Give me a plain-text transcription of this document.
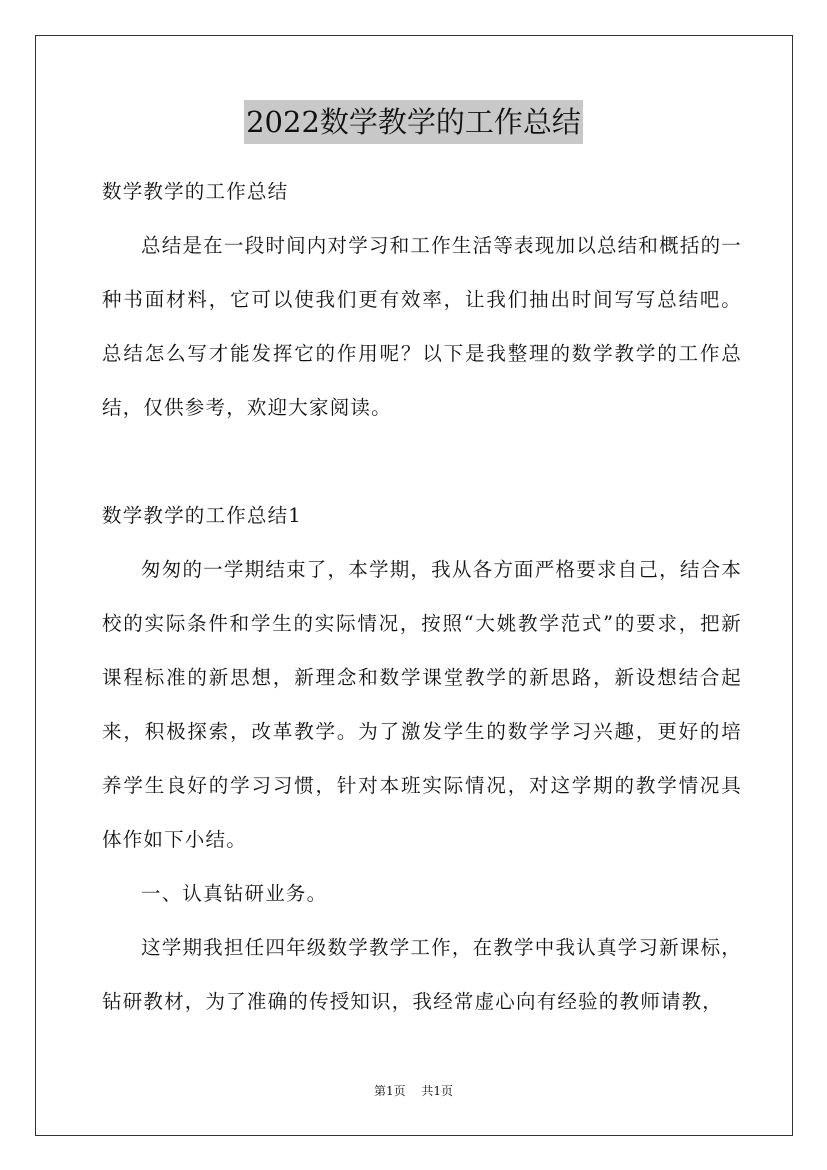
2022数学教学的工作总结

数学教学的工作总结

总结是在一段时间内对学习和工作生活等表现加以总结和概括的一种书面材料，它可以使我们更有效率，让我们抽出时间写写总结吧。总结怎么写才能发挥它的作用呢？以下是我整理的数学教学的工作总结，仅供参考，欢迎大家阅读。

数学教学的工作总结1

匆匆的一学期结束了，本学期，我从各方面严格要求自己，结合本校的实际条件和学生的实际情况，按照“大姚教学范式”的要求，把新课程标准的新思想，新理念和数学课堂教学的新思路，新设想结合起来，积极探索，改革教学。为了激发学生的数学学习兴趣，更好的培养学生良好的学习习惯，针对本班实际情况，对这学期的教学情况具体作如下小结。

一、认真钻研业务。

这学期我担任四年级数学教学工作，在教学中我认真学习新课标，钻研教材，为了准确的传授知识，我经常虚心向有经验的教师请教，

第1页 共1页
